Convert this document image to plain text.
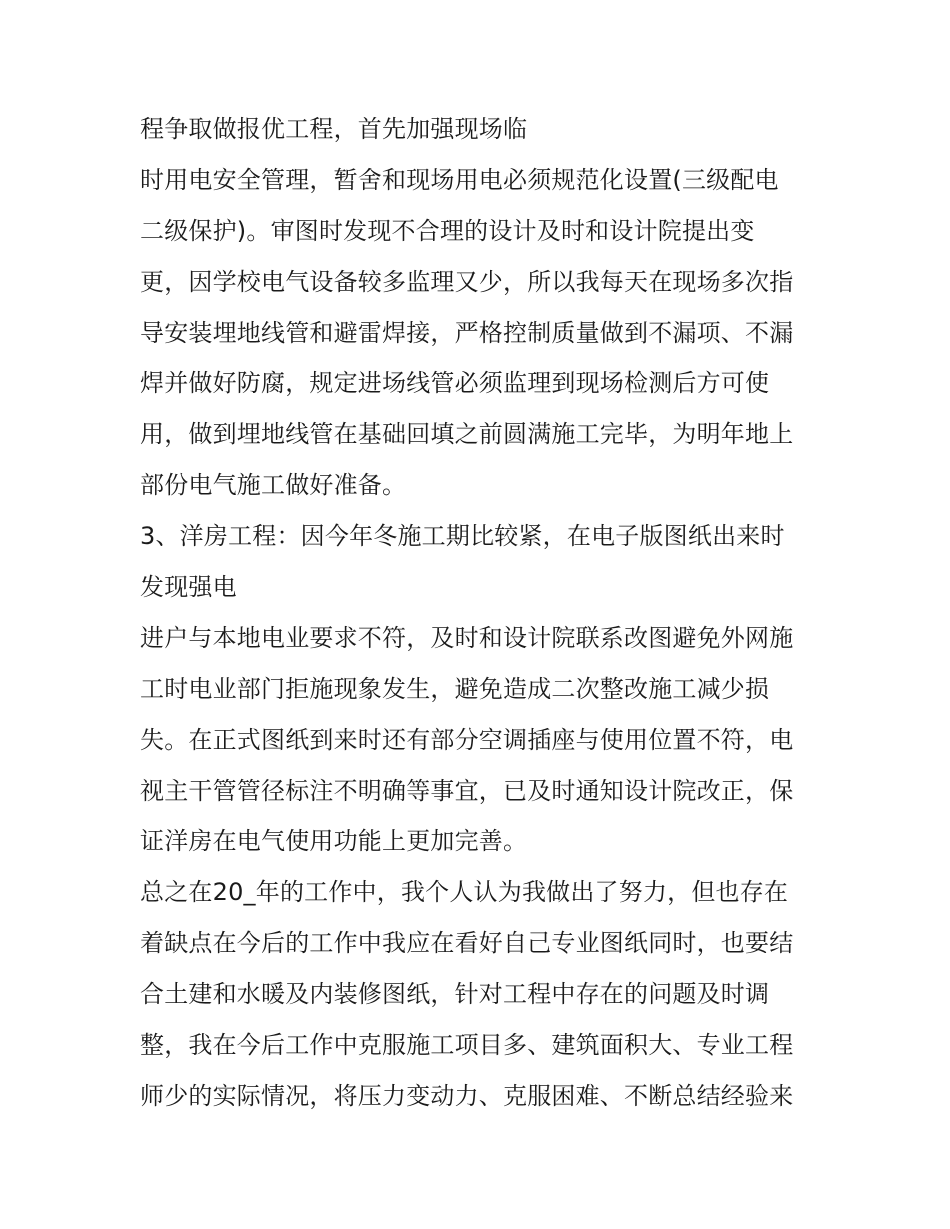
程争取做报优工程，首先加强现场临
时用电安全管理，暂舍和现场用电必须规范化设置(三级配电
二级保护)。审图时发现不合理的设计及时和设计院提出变
更，因学校电气设备较多监理又少，所以我每天在现场多次指
导安装埋地线管和避雷焊接，严格控制质量做到不漏项、不漏
焊并做好防腐，规定进场线管必须监理到现场检测后方可使
用，做到埋地线管在基础回填之前圆满施工完毕，为明年地上
部份电气施工做好准备。
3、洋房工程：因今年冬施工期比较紧，在电子版图纸出来时
发现强电
进户与本地电业要求不符，及时和设计院联系改图避免外网施
工时电业部门拒施现象发生，避免造成二次整改施工减少损
失。在正式图纸到来时还有部分空调插座与使用位置不符，电
视主干管管径标注不明确等事宜，已及时通知设计院改正，保
证洋房在电气使用功能上更加完善。
总之在20_年的工作中，我个人认为我做出了努力，但也存在
着缺点在今后的工作中我应在看好自己专业图纸同时，也要结
合土建和水暖及内装修图纸，针对工程中存在的问题及时调
整，我在今后工作中克服施工项目多、建筑面积大、专业工程
师少的实际情况，将压力变动力、克服困难、不断总结经验来
